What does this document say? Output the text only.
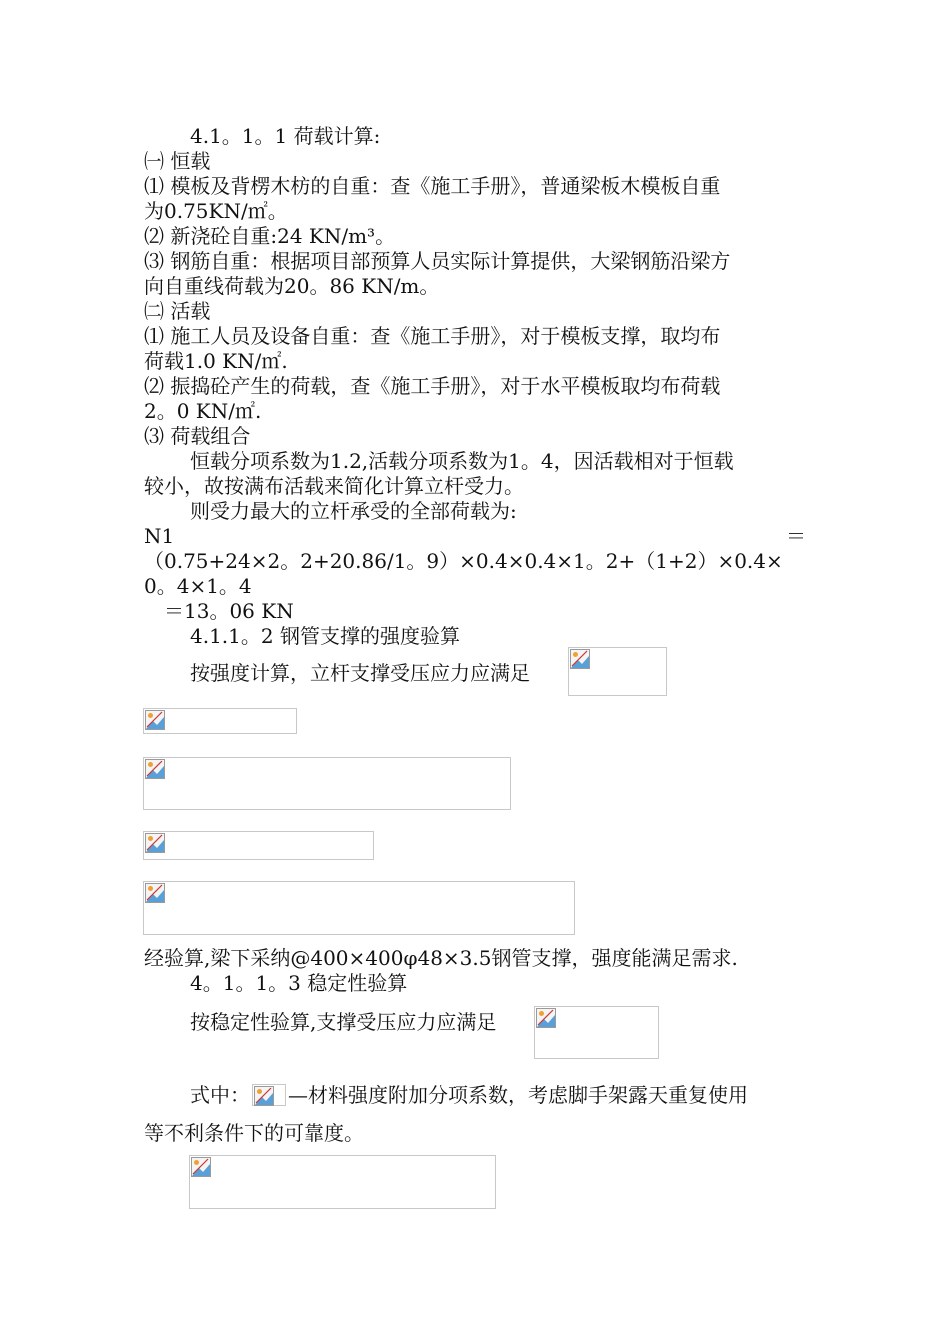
4.1。1。1 荷载计算:
㈠ 恒载
⑴ 模板及背楞木枋的自重：查《施工手册》，普通梁板木模板自重
为0.75KN/㎡。
⑵ 新浇砼自重:24 KN/m³。
⑶ 钢筋自重：根据项目部预算人员实际计算提供，大梁钢筋沿梁方
向自重线荷载为20。86 KN/m。
㈡ 活载
⑴ 施工人员及设备自重：查《施工手册》，对于模板支撑，取均布
荷载1.0 KN/㎡.
⑵ 振捣砼产生的荷载，查《施工手册》，对于水平模板取均布荷载
2。0 KN/㎡.
⑶ 荷载组合
恒载分项系数为1.2,活载分项系数为1。4，因活载相对于恒载
较小，故按满布活载来简化计算立杆受力。
则受力最大的立杆承受的全部荷载为:
N1	＝
（0.75+24×2。2+20.86/1。9）×0.4×0.4×1。2+（1+2）×0.4×
0。4×1。4
＝13。06 KN
4.1.1。2 钢管支撑的强度验算
按强度计算，立杆支撑受压应力应满足
经验算,梁下采纳@400×400φ48×3.5钢管支撑，强度能满足需求.
4。1。1。3 稳定性验算
按稳定性验算,支撑受压应力应满足
式中： —材料强度附加分项系数，考虑脚手架露天重复使用
等不利条件下的可靠度。
